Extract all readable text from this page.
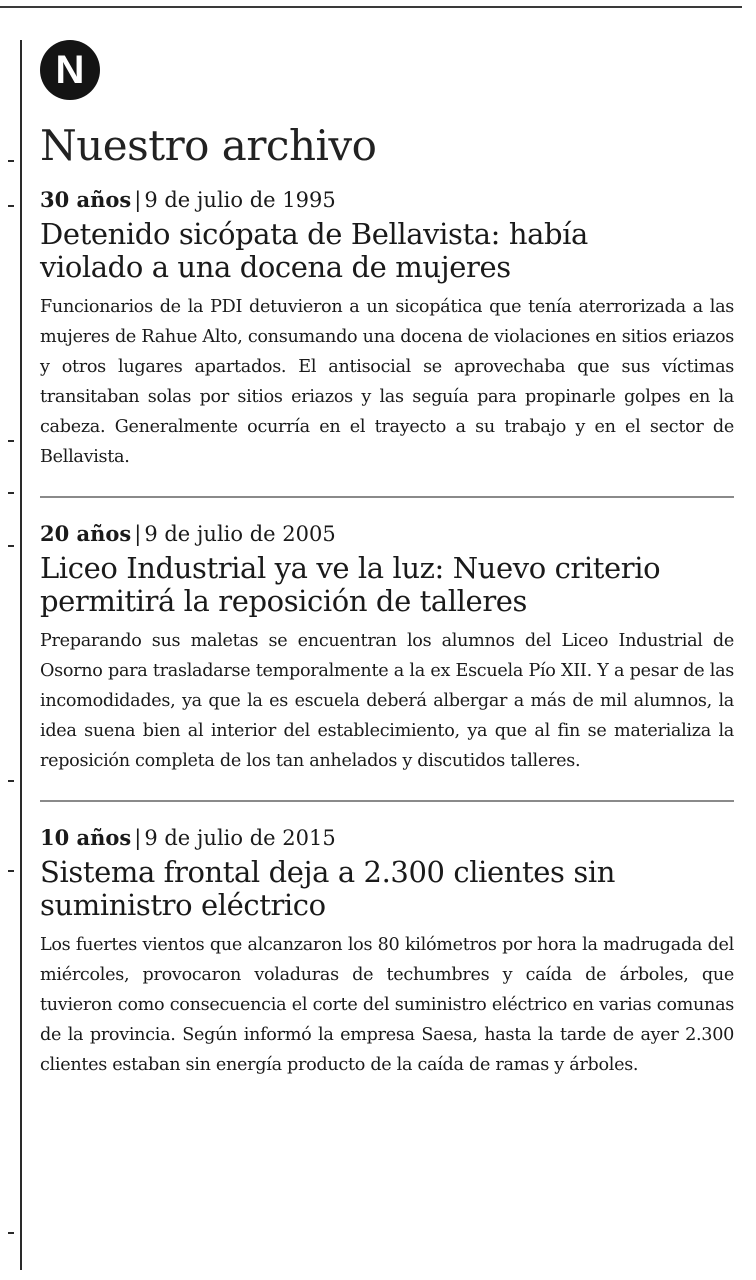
N
Nuestro archivo

30 años | 9 de julio de 1995

Detenido sicópata de Bellavista: había violado a una docena de mujeres

Funcionarios de la PDI detuvieron a un sicopática que tenía aterrorizada a las mujeres de Rahue Alto, consumando una docena de violaciones en sitios eriazos y otros lugares apartados. El antisocial se aprovechaba que sus víctimas transitaban solas por sitios eriazos y las seguía para propinarle golpes en la cabeza. Generalmente ocurría en el trayecto a su trabajo y en el sector de Bellavista.

20 años | 9 de julio de 2005

Liceo Industrial ya ve la luz: Nuevo criterio permitirá la reposición de talleres

Preparando sus maletas se encuentran los alumnos del Liceo Industrial de Osorno para trasladarse temporalmente a la ex Escuela Pío XII. Y a pesar de las incomodidades, ya que la es escuela deberá albergar a más de mil alumnos, la idea suena bien al interior del establecimiento, ya que al fin se materializa la reposición completa de los tan anhelados y discutidos talleres.

10 años | 9 de julio de 2015

Sistema frontal deja a 2.300 clientes sin suministro eléctrico

Los fuertes vientos que alcanzaron los 80 kilómetros por hora la madrugada del miércoles, provocaron voladuras de techumbres y caída de árboles, que tuvieron como consecuencia el corte del suministro eléctrico en varias comunas de la provincia. Según informó la empresa Saesa, hasta la tarde de ayer 2.300 clientes estaban sin energía producto de la caída de ramas y árboles.
